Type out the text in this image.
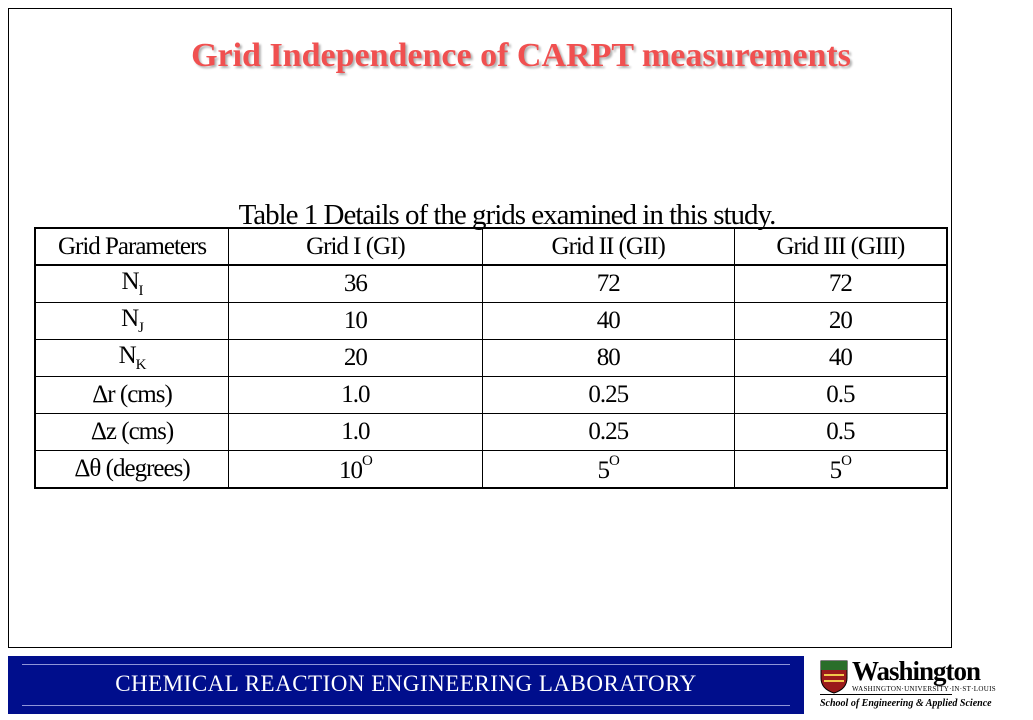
Grid Independence of CARPT measurements
Table 1 Details of the grids examined in this study.
Grid Parameters	Grid I (GI)	Grid II (GII)	Grid III (GIII)
$N_I$	36	72	72
$N_J$	10	40	20
$N_K$	20	80	40
Δr (cms)	1.0	0.25	0.5
Δz (cms)	1.0	0.25	0.5
Δθ (degrees)	$10^O$	$5^O$	$5^O$
CHEMICAL REACTION ENGINEERING LABORATORY	Washington
WASHINGTON·UNIVERSITY·IN·ST·LOUIS
School of Engineering & Applied Science
